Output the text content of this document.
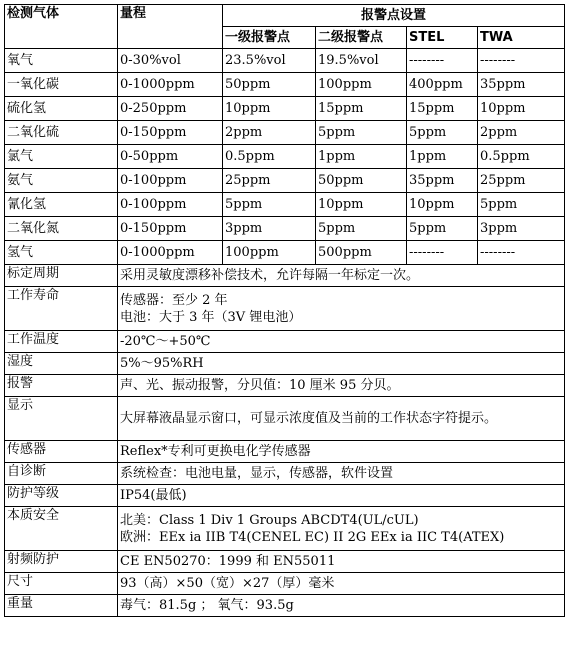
检测气体	量程	报警点设置			
		一级报警点	二级报警点	STEL	TWA
氧气	0-30%vol	23.5%vol	19.5%vol	--------	--------
一氧化碳	0-1000ppm	50ppm	100ppm	400ppm	35ppm
硫化氢	0-250ppm	10ppm	15ppm	15ppm	10ppm
二氧化硫	0-150ppm	2ppm	5ppm	5ppm	2ppm
氯气	0-50ppm	0.5ppm	1ppm	1ppm	0.5ppm
氨气	0-100ppm	25ppm	50ppm	35ppm	25ppm
氰化氢	0-100ppm	5ppm	10ppm	10ppm	5ppm
二氧化氮	0-150ppm	3ppm	5ppm	5ppm	3ppm
氢气	0-1000ppm	100ppm	500ppm	--------	--------
标定周期	采用灵敏度漂移补偿技术，允许每隔一年标定一次。				

工作寿命	传感器：至少 2 年
电池：大于 3 年（3V 锂电池）				

工作温度	-20℃～+50℃				

湿度	5%～95%RH				

报警	声、光、振动报警，分贝值：10 厘米 95 分贝。				

显示	大屏幕液晶显示窗口，可显示浓度值及当前的工作状态字符提示。				

传感器	Reflex*专利可更换电化学传感器				

自诊断	系统检查：电池电量，显示，传感器，软件设置				

防护等级	IP54(最低)				

本质安全	北美：Class 1 Div 1 Groups ABCDT4(UL/cUL)
欧洲：EEx ia IIB T4(CENEL EC) II 2G EEx ia IIC T4(ATEX)				

射频防护	CE EN50270：1999 和 EN55011				

尺寸	93（高）×50（宽）×27（厚）毫米				

重量	毒气：81.5g ； 氧气：93.5g				
